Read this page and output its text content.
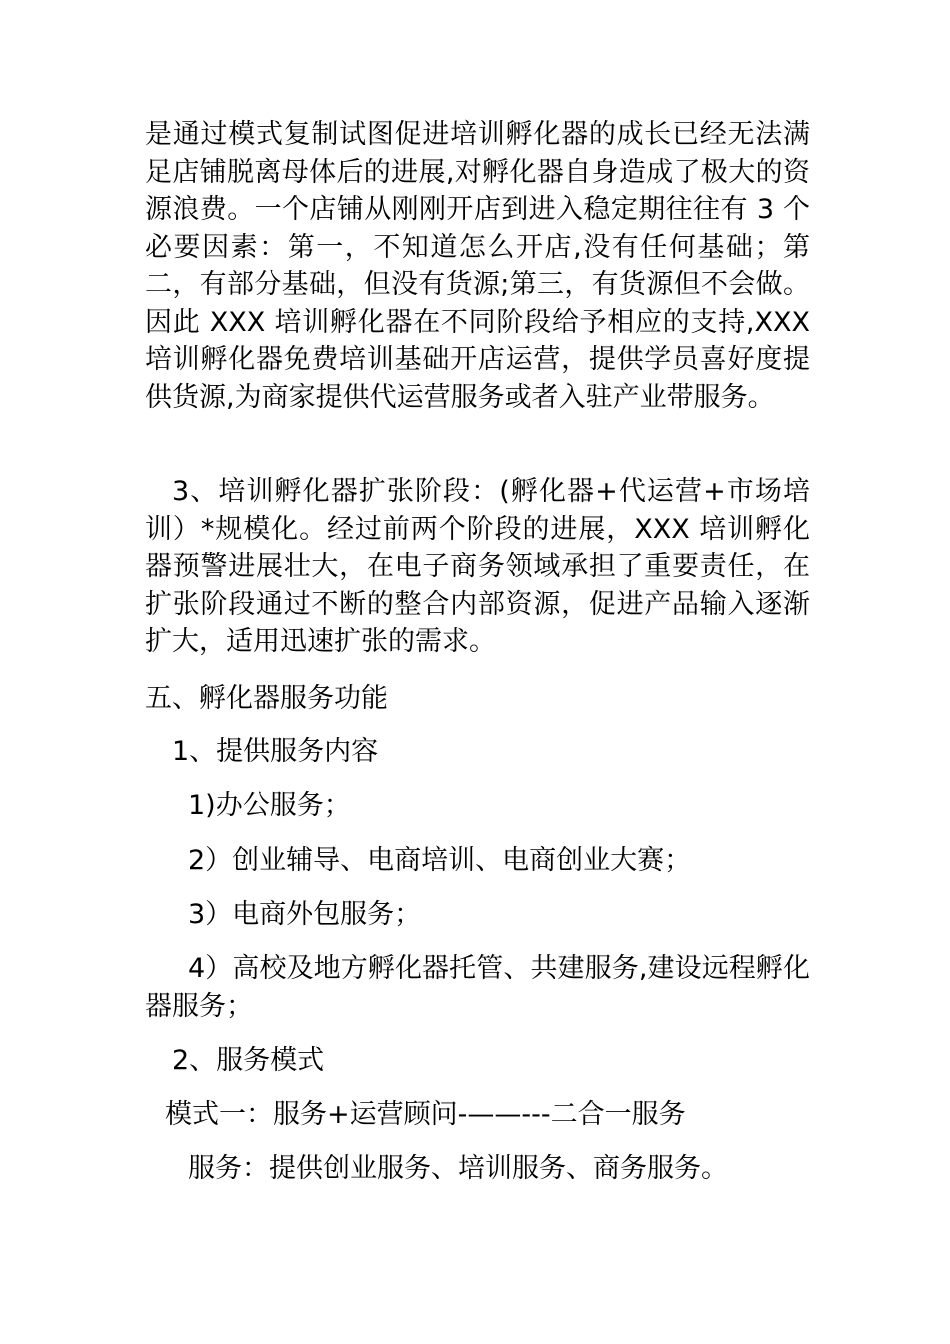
是通过模式复制试图促进培训孵化器的成长已经无法满足店铺脱离母体后的进展,对孵化器自身造成了极大的资源浪费。一个店铺从刚刚开店到进入稳定期往往有 3 个必要因素：第一，不知道怎么开店,没有任何基础；第二，有部分基础，但没有货源;第三，有货源但不会做。因此 XXX 培训孵化器在不同阶段给予相应的支持,XXX 培训孵化器免费培训基础开店运营，提供学员喜好度提供货源,为商家提供代运营服务或者入驻产业带服务。
3、培训孵化器扩张阶段：(孵化器+代运营+市场培训）*规模化。经过前两个阶段的进展，XXX 培训孵化器预警进展壮大，在电子商务领域承担了重要责任，在扩张阶段通过不断的整合内部资源，促进产品输入逐渐扩大，适用迅速扩张的需求。
五、孵化器服务功能
1、提供服务内容
1)办公服务；
2）创业辅导、电商培训、电商创业大赛；
3）电商外包服务；
4）高校及地方孵化器托管、共建服务,建设远程孵化器服务；
2、服务模式
模式一：服务+运营顾问-——---二合一服务
服务：提供创业服务、培训服务、商务服务。
